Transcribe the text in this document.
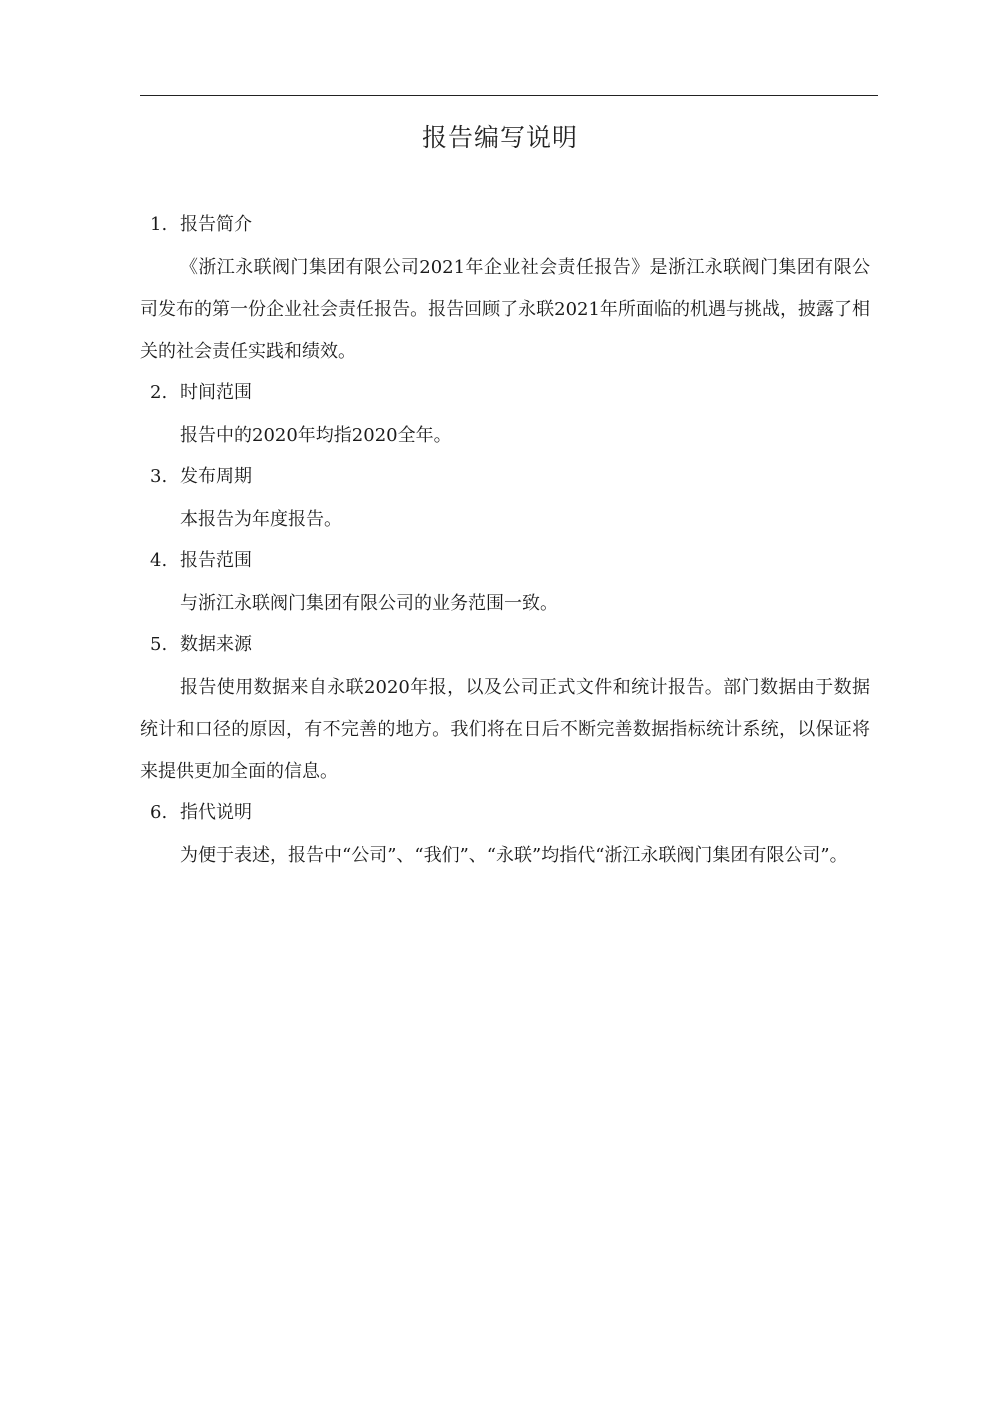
报告编写说明

1. 报告简介

《浙江永联阀门集团有限公司2021年企业社会责任报告》是浙江永联阀门集团有限公司发布的第一份企业社会责任报告。报告回顾了永联2021年所面临的机遇与挑战，披露了相关的社会责任实践和绩效。

2. 时间范围

报告中的2020年均指2020全年。

3. 发布周期

本报告为年度报告。

4. 报告范围

与浙江永联阀门集团有限公司的业务范围一致。

5. 数据来源

报告使用数据来自永联2020年报，以及公司正式文件和统计报告。部门数据由于数据统计和口径的原因，有不完善的地方。我们将在日后不断完善数据指标统计系统，以保证将来提供更加全面的信息。

6. 指代说明

为便于表述，报告中“公司”、“我们”、“永联”均指代“浙江永联阀门集团有限公司”。
